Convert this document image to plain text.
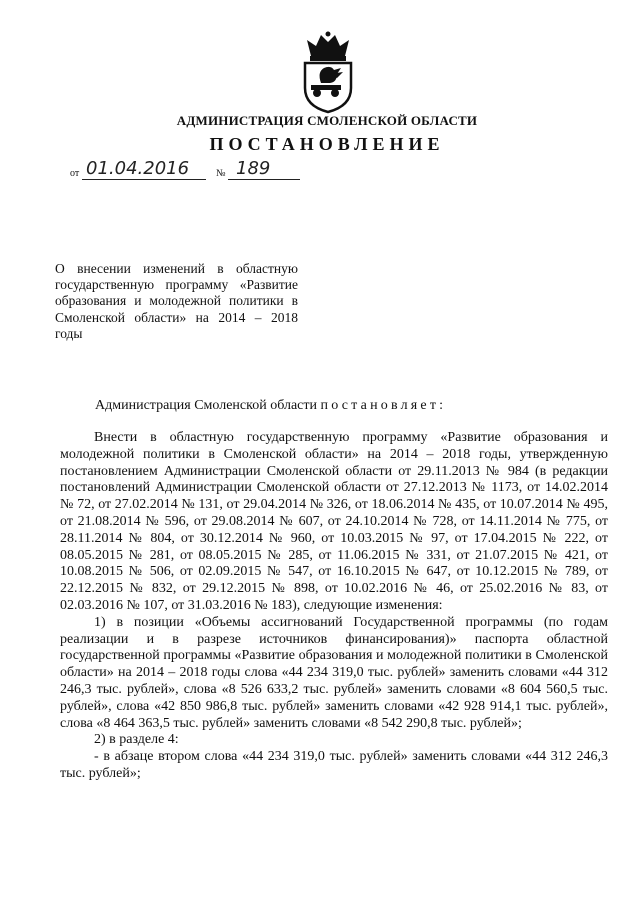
АДМИНИСТРАЦИЯ СМОЛЕНСКОЙ ОБЛАСТИ
ПОСТАНОВЛЕНИЕ
от 01.04.2016	№ 189
О внесении изменений в областную государственную программу «Развитие образования и молодежной политики в Смоленской области» на 2014 – 2018 годы
Администрация Смоленской области постановляет:

Внести в областную государственную программу «Развитие образования и молодежной политики в Смоленской области» на 2014 – 2018 годы, утвержденную постановлением Администрации Смоленской области от 29.11.2013 № 984 (в редакции постановлений Администрации Смоленской области от 27.12.2013 № 1173, от 14.02.2014 № 72, от 27.02.2014 № 131, от 29.04.2014 № 326, от 18.06.2014 № 435, от 10.07.2014 № 495, от 21.08.2014 № 596, от 29.08.2014 № 607, от 24.10.2014 № 728, от 14.11.2014 № 775, от 28.11.2014 № 804, от 30.12.2014 № 960, от 10.03.2015 № 97, от 17.04.2015 № 222, от 08.05.2015 № 281, от 08.05.2015 № 285, от 11.06.2015 № 331, от 21.07.2015 № 421, от 10.08.2015 № 506, от 02.09.2015 № 547, от 16.10.2015 № 647, от 10.12.2015 № 789, от 22.12.2015 № 832, от 29.12.2015 № 898, от 10.02.2016 № 46, от 25.02.2016 № 83, от 02.03.2016 № 107, от 31.03.2016 № 183), следующие изменения:

1) в позиции «Объемы ассигнований Государственной программы (по годам реализации и в разрезе источников финансирования)» паспорта областной государственной программы «Развитие образования и молодежной политики в Смоленской области» на 2014 – 2018 годы слова «44 234 319,0 тыс. рублей» заменить словами «44 312 246,3 тыс. рублей», слова «8 526 633,2 тыс. рублей» заменить словами «8 604 560,5 тыс. рублей», слова «42 850 986,8 тыс. рублей» заменить словами «42 928 914,1 тыс. рублей», слова «8 464 363,5 тыс. рублей» заменить словами «8 542 290,8 тыс. рублей»;

2) в разделе 4:

- в абзаце втором слова «44 234 319,0 тыс. рублей» заменить словами «44 312 246,3 тыс. рублей»;
